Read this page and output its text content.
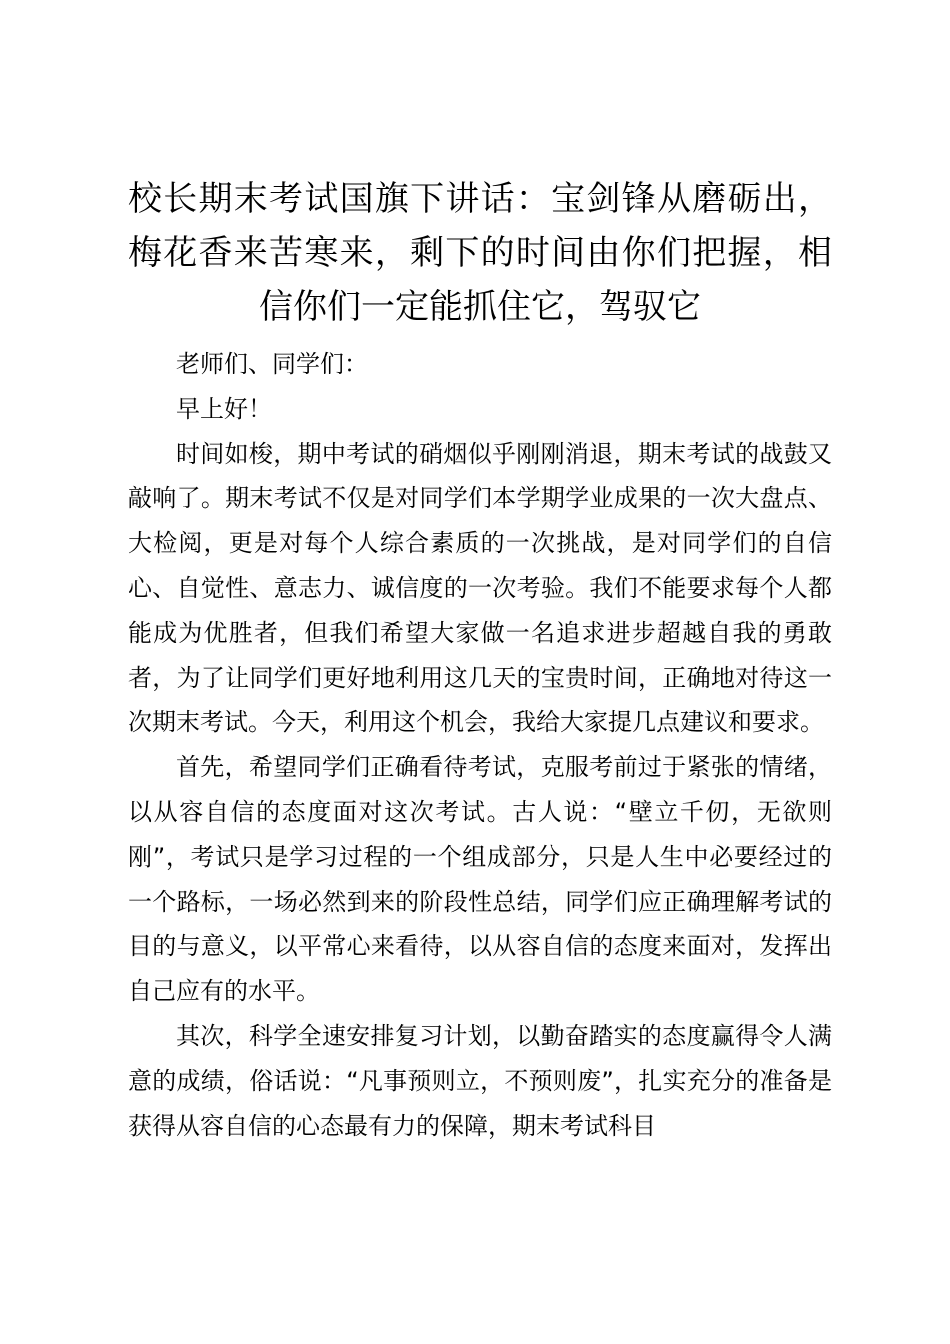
校长期末考试国旗下讲话：宝剑锋从磨砺出，梅花香来苦寒来，剩下的时间由你们把握，相信你们一定能抓住它，驾驭它

老师们、同学们：

早上好！

时间如梭，期中考试的硝烟似乎刚刚消退，期末考试的战鼓又敲响了。期末考试不仅是对同学们本学期学业成果的一次大盘点、大检阅，更是对每个人综合素质的一次挑战，是对同学们的自信心、自觉性、意志力、诚信度的一次考验。我们不能要求每个人都能成为优胜者，但我们希望大家做一名追求进步超越自我的勇敢者，为了让同学们更好地利用这几天的宝贵时间，正确地对待这一次期末考试。今天，利用这个机会，我给大家提几点建议和要求。

首先，希望同学们正确看待考试，克服考前过于紧张的情绪，以从容自信的态度面对这次考试。古人说：“壁立千仞，无欲则刚”，考试只是学习过程的一个组成部分，只是人生中必要经过的一个路标，一场必然到来的阶段性总结，同学们应正确理解考试的目的与意义，以平常心来看待，以从容自信的态度来面对，发挥出自己应有的水平。

其次，科学全速安排复习计划，以勤奋踏实的态度赢得令人满意的成绩，俗话说：“凡事预则立，不预则废”，扎实充分的准备是获得从容自信的心态最有力的保障，期末考试科目
